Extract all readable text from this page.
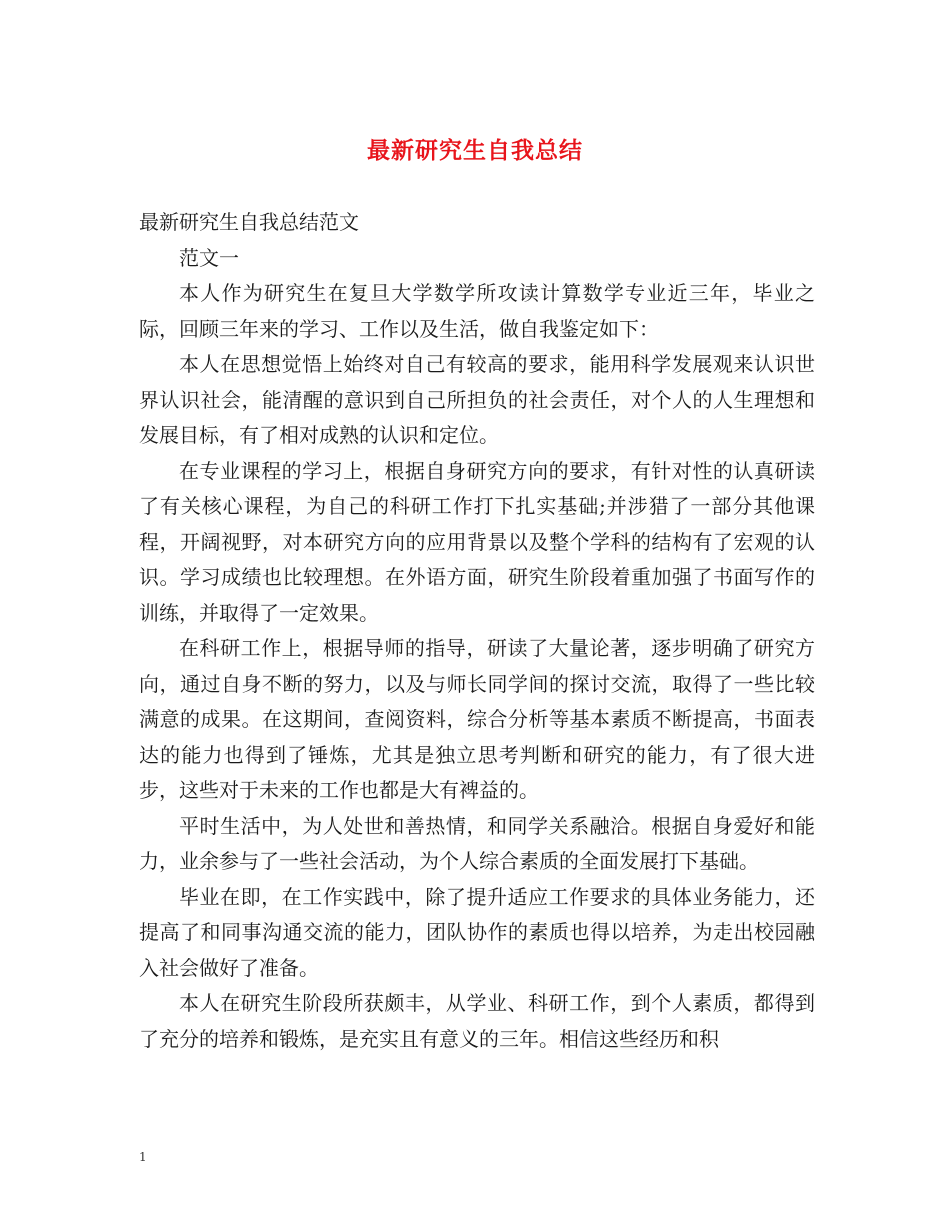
最新研究生自我总结

最新研究生自我总结范文

范文一

本人作为研究生在复旦大学数学所攻读计算数学专业近三年，毕业之际，回顾三年来的学习、工作以及生活，做自我鉴定如下：

本人在思想觉悟上始终对自己有较高的要求，能用科学发展观来认识世界认识社会，能清醒的意识到自己所担负的社会责任，对个人的人生理想和发展目标，有了相对成熟的认识和定位。

在专业课程的学习上，根据自身研究方向的要求，有针对性的认真研读了有关核心课程，为自己的科研工作打下扎实基础;并涉猎了一部分其他课程，开阔视野，对本研究方向的应用背景以及整个学科的结构有了宏观的认识。学习成绩也比较理想。在外语方面，研究生阶段着重加强了书面写作的训练，并取得了一定效果。

在科研工作上，根据导师的指导，研读了大量论著，逐步明确了研究方向，通过自身不断的努力，以及与师长同学间的探讨交流，取得了一些比较满意的成果。在这期间，查阅资料，综合分析等基本素质不断提高，书面表达的能力也得到了锤炼，尤其是独立思考判断和研究的能力，有了很大进步，这些对于未来的工作也都是大有裨益的。

平时生活中，为人处世和善热情，和同学关系融洽。根据自身爱好和能力，业余参与了一些社会活动，为个人综合素质的全面发展打下基础。

毕业在即，在工作实践中，除了提升适应工作要求的具体业务能力，还提高了和同事沟通交流的能力，团队协作的素质也得以培养，为走出校园融入社会做好了准备。

本人在研究生阶段所获颇丰，从学业、科研工作，到个人素质，都得到了充分的培养和锻炼，是充实且有意义的三年。相信这些经历和积

1
